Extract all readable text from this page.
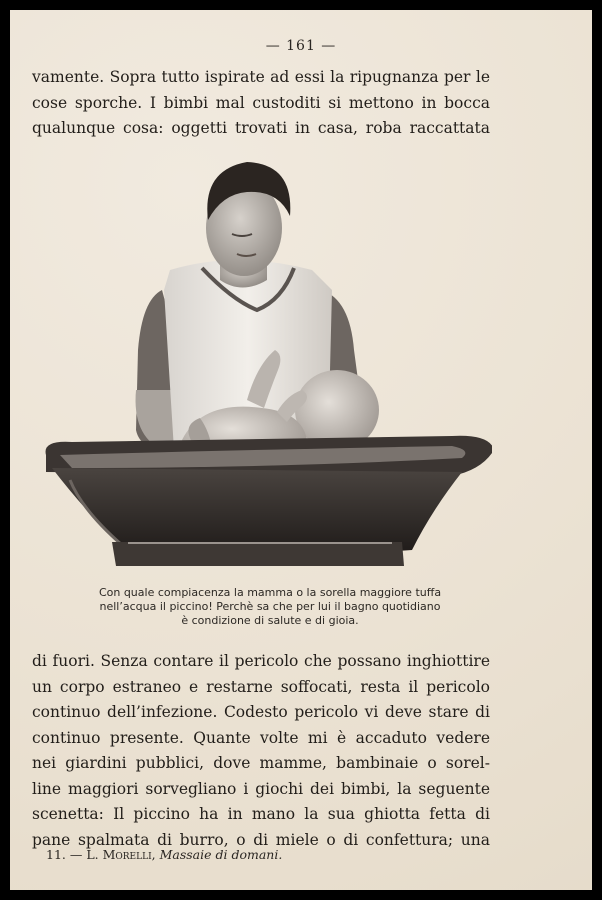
— 161 —
vamente. Sopra tutto ispirate ad essi la ripugnanza per le
cose sporche. I bimbi mal custoditi si mettono in bocca
qualunque cosa: oggetti trovati in casa, roba raccattata
Con quale compiacenza la mamma o la sorella maggiore tuffa
nell’acqua il piccino! Perchè sa che per lui il bagno quotidiano
è condizione di salute e di gioia.
di fuori. Senza contare il pericolo che possano inghiottire
un corpo estraneo e restarne soffocati, resta il pericolo
continuo dell’infezione. Codesto pericolo vi deve stare di
continuo presente. Quante volte mi è accaduto vedere
nei giardini pubblici, dove mamme, bambinaie o sorel-
line maggiori sorvegliano i giochi dei bimbi, la seguente
scenetta: Il piccino ha in mano la sua ghiotta fetta di
pane spalmata di burro, o di miele o di confettura; una
11. — L. Morelli, Massaie di domani.
